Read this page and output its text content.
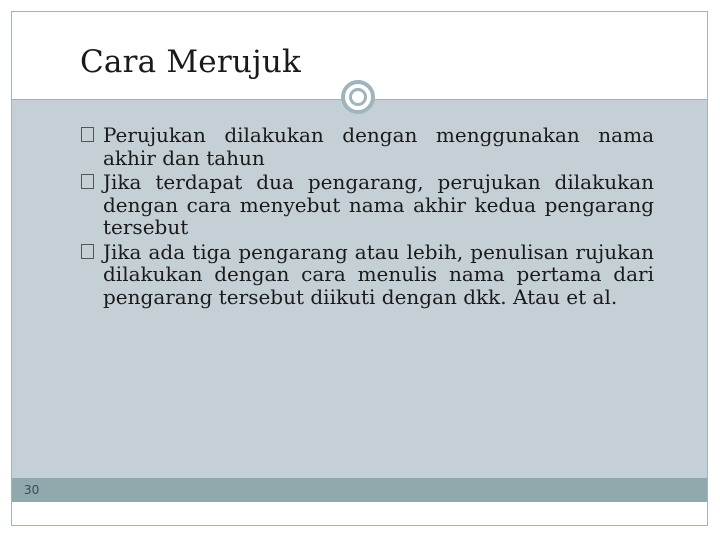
Cara Merujuk
30
Perujukan dilakukan dengan menggunakan nama akhir dan tahun
Jika terdapat dua pengarang, perujukan dilakukan dengan cara menyebut nama akhir kedua pengarang tersebut
Jika ada tiga pengarang atau lebih, penulisan rujukan dilakukan dengan cara menulis nama pertama dari pengarang tersebut diikuti dengan dkk. Atau et al.
